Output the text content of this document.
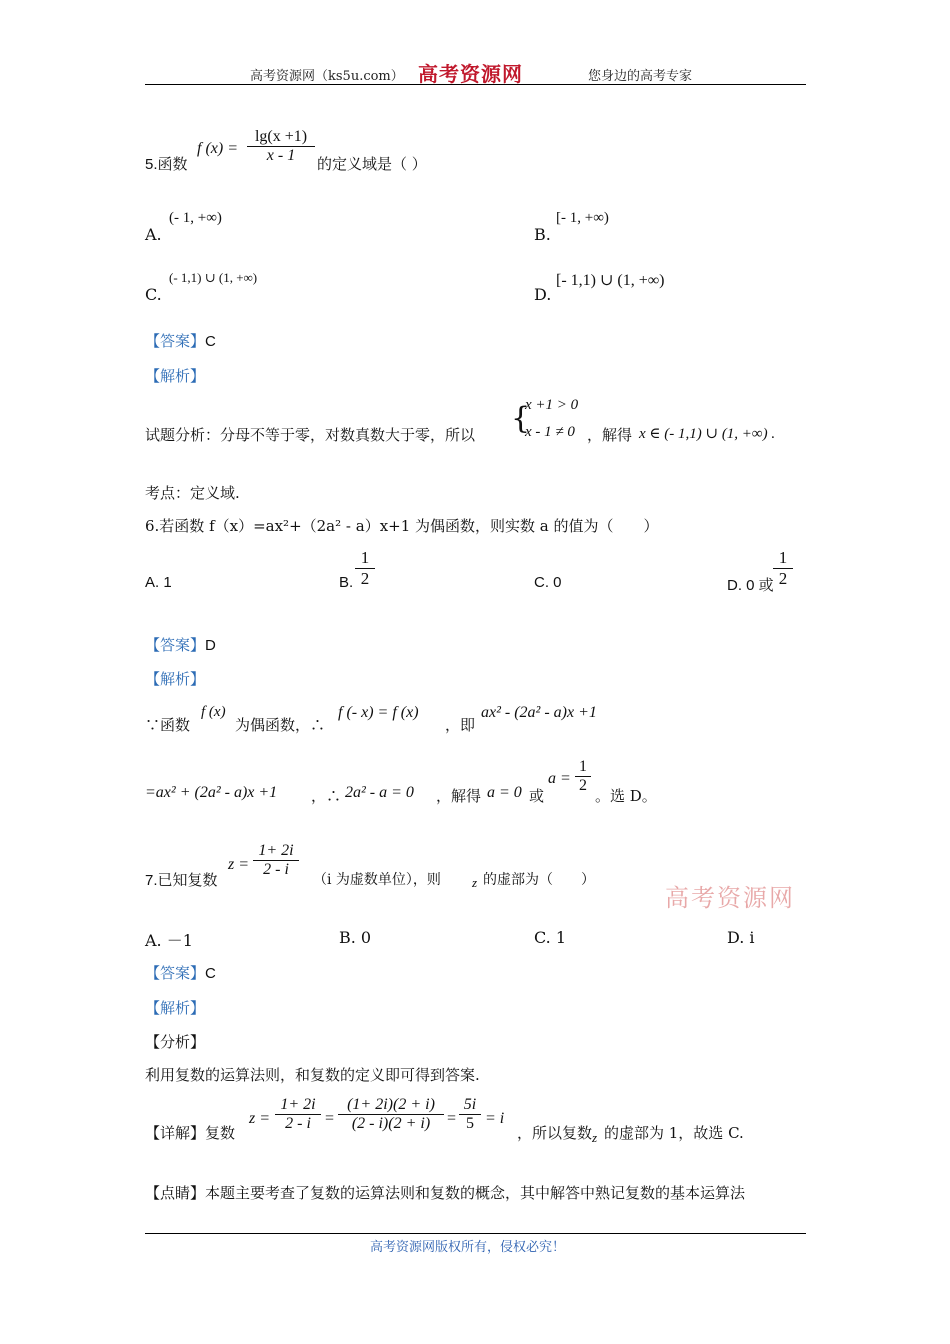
高考资源网（ks5u.com） 高考资源网	您身边的高考专家
5.函数
f $(x) = \frac{\lg(x +1)}{x - 1}$ 的定义域是（ ）
A.
(- 1, +∞)
B.
[- 1, +∞)
C.
(- 1,1) ∪ (1, +∞)
D.
[- 1,1) ∪ (1, +∞)
【答案】C
【解析】
试题分析：分母不等于零，对数真数大于零，所以 {
x +1 > 0
x - 1 ≠ 0 ，解得 x ∈ (- 1,1) ∪ (1, +∞) .
考点：定义域.
6.若函数 f（x）=ax²+（2a² - a）x+1 为偶函数，则实数 a 的值为（　　）
A. 1	B. $\frac{1}{2}$	C. 0	D. 0 或 $\frac{1}{2}$
【答案】D
【解析】
∵函数
f (x)
为偶函数，∴
f (- x) = f (x)
，即
ax² - (2a² - a)x +1
=ax² + (2a² - a)x +1 ，∴ 2a² - a = 0 ，解得 a = 0 或
$a = \frac{1}{2}$
。选 D。
7.已知复数
$z = \frac{1+ 2i}{2 - i}$
（i 为虚数单位），则 z 的虚部为（　　）
高考资源网
A. －1	B. 0	C. 1	D. i
【答案】C
【解析】
【分析】
利用复数的运算法则，和复数的定义即可得到答案.
【详解】复数
$z = \frac{1+ 2i}{2 - i} = \frac{(1+ 2i)(2 + i)}{(2 - i)(2 + i)} = \frac{5i}{5} = i$
，所以复数 z 的虚部为 1，故选 C.
【点睛】本题主要考查了复数的运算法则和复数的概念，其中解答中熟记复数的基本运算法
高考资源网版权所有，侵权必究！
